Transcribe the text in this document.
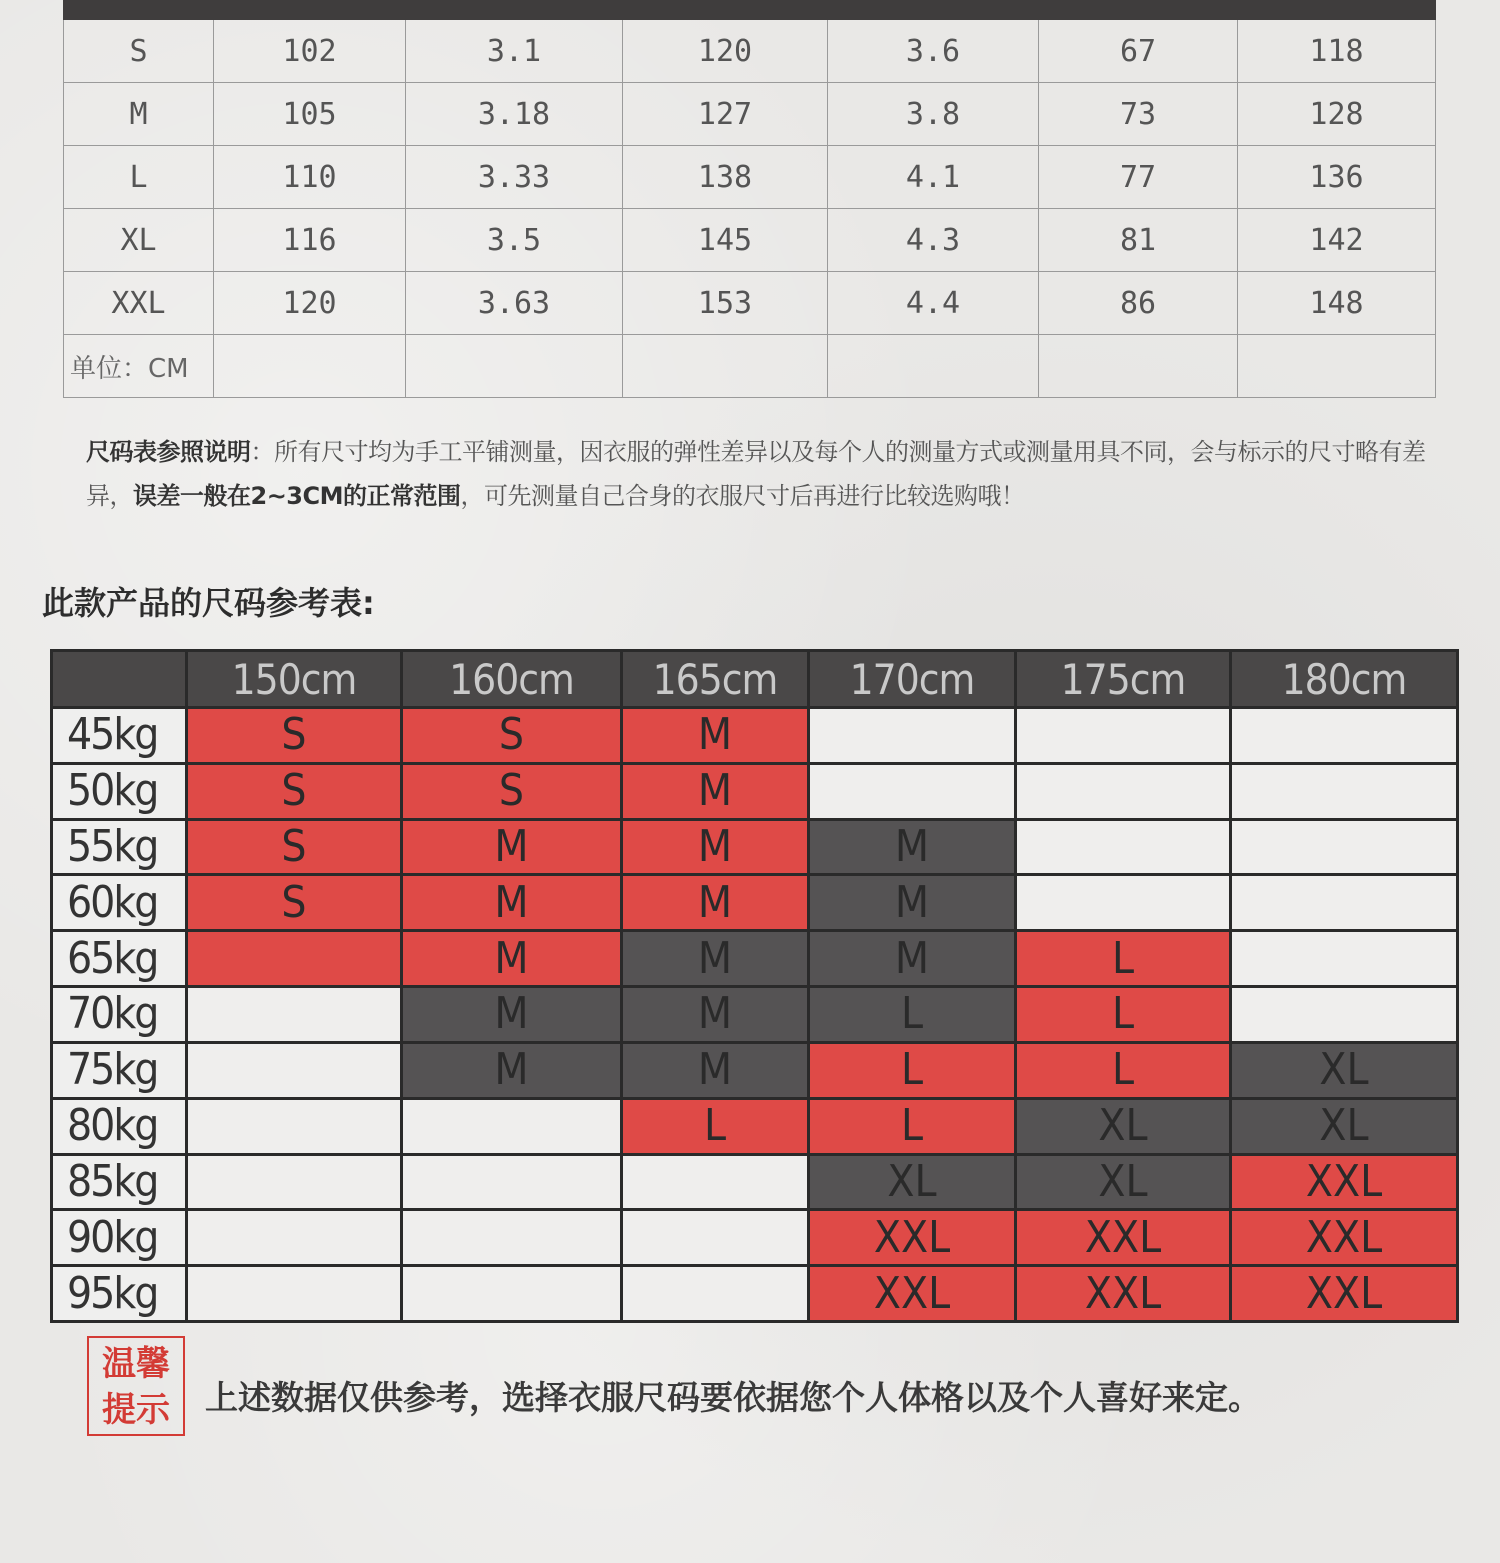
S	102	3.1	120	3.6	67	118
M	105	3.18	127	3.8	73	128
L	110	3.33	138	4.1	77	136
XL	116	3.5	145	4.3	81	142
XXL	120	3.63	153	4.4	86	148
单位：CM						
尺码表参照说明：所有尺寸均为手工平铺测量，因衣服的弹性差异以及每个人的测量方式或测量用具不同，会与标示的尺寸略有差异，误差一般在2~3CM的正常范围，可先测量自己合身的衣服尺寸后再进行比较选购哦！
此款产品的尺码参考表:
	150cm	160cm	165cm	170cm	175cm	180cm
45kg	S	S	M			
50kg	S	S	M			
55kg	S	M	M	M		
60kg	S	M	M	M		
65kg		M	M	M	L	
70kg		M	M	L	L	
75kg		M	M	L	L	XL
80kg			L	L	XL	XL
85kg				XL	XL	XXL
90kg				XXL	XXL	XXL
95kg				XXL	XXL	XXL
温馨
提示	上述数据仅供参考，选择衣服尺码要依据您个人体格以及个人喜好来定。
